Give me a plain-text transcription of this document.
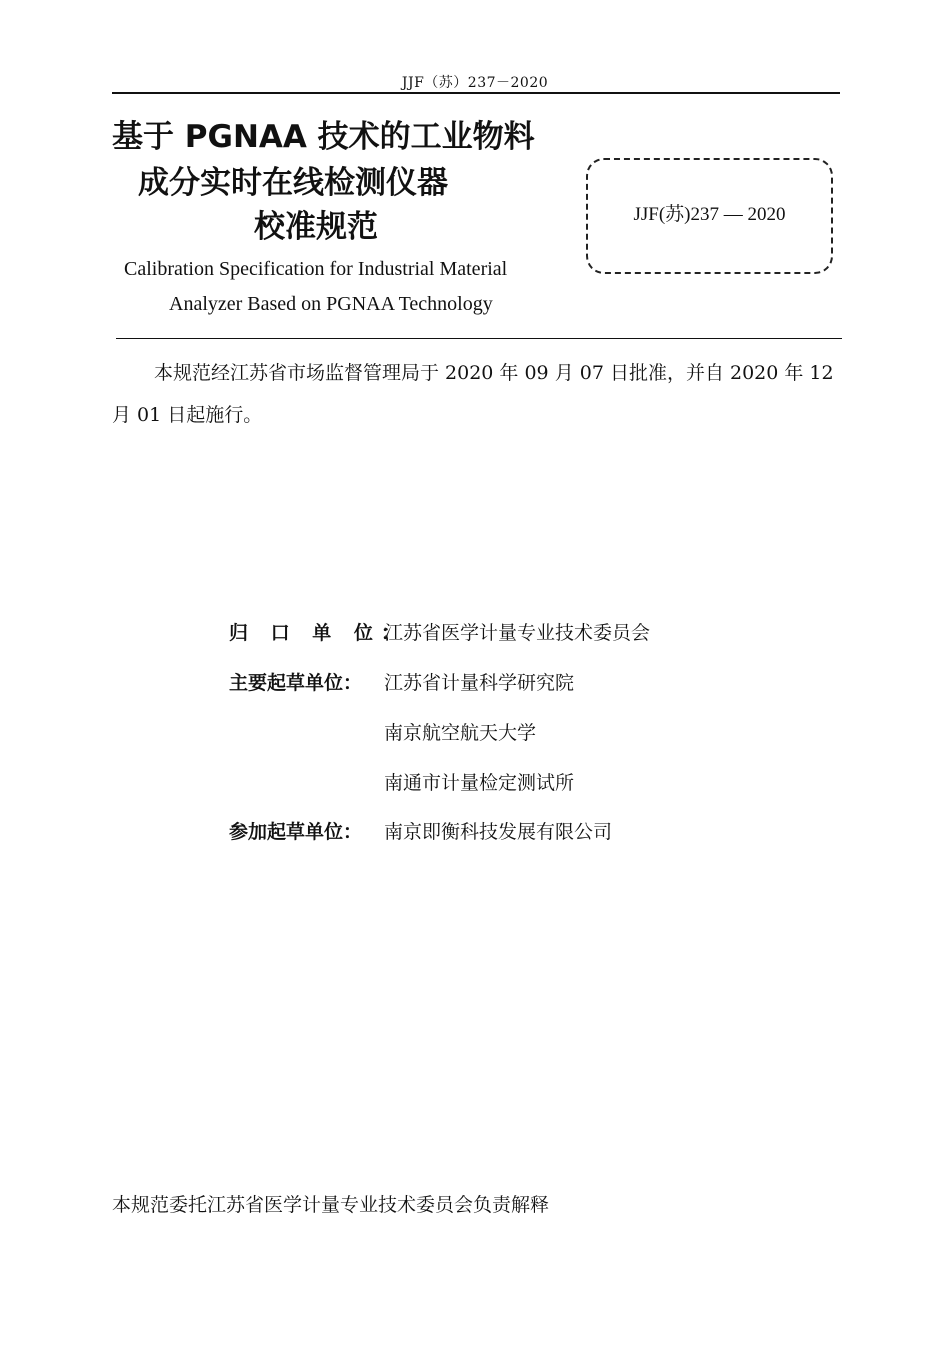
JJF（苏）237－2020
基于 PGNAA 技术的工业物料
成分实时在线检测仪器
校准规范
Calibration Specification for Industrial Material
Analyzer Based on PGNAA Technology
JJF(苏)237 — 2020
本规范经江苏省市场监督管理局于 2020 年 09 月 07 日批准，并自 2020 年 12 月 01 日起施行。
归 口 单 位：
江苏省医学计量专业技术委员会
主要起草单位： 江苏省计量科学研究院
南京航空航天大学
南通市计量检定测试所
参加起草单位： 南京即衡科技发展有限公司
本规范委托江苏省医学计量专业技术委员会负责解释
